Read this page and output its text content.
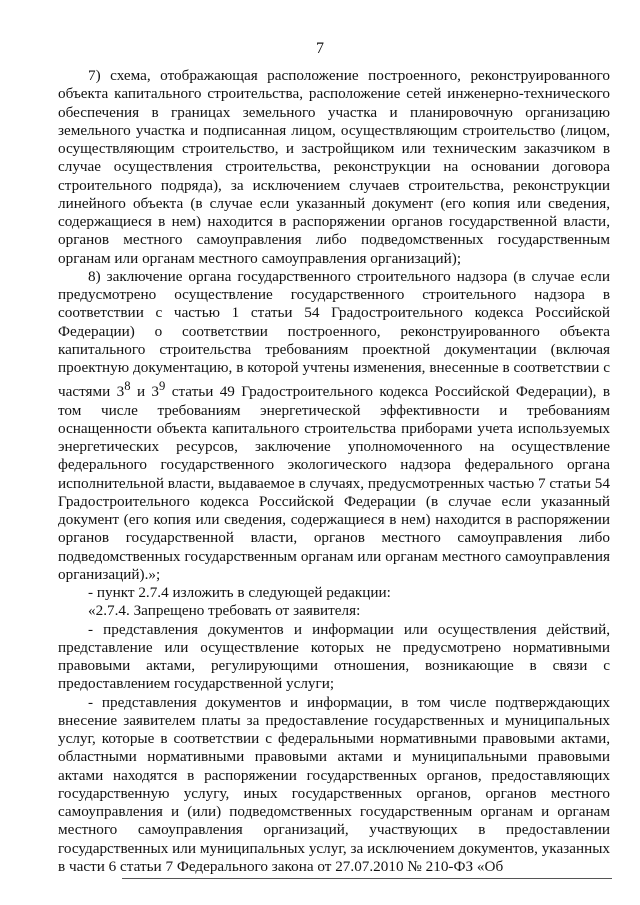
7

7) схема, отображающая расположение построенного, реконструированного объекта капитального строительства, расположение сетей инженерно-технического обеспечения в границах земельного участка и планировочную организацию земельного участка и подписанная лицом, осуществляющим строительство (лицом, осуществляющим строительство, и застройщиком или техническим заказчиком в случае осуществления строительства, реконструкции на основании договора строительного подряда), за исключением случаев строительства, реконструкции линейного объекта (в случае если указанный документ (его копия или сведения, содержащиеся в нем) находится в распоряжении органов государственной власти, органов местного самоуправления либо подведомственных государственным органам или органам местного самоуправления организаций);

8) заключение органа государственного строительного надзора (в случае если предусмотрено осуществление государственного строительного надзора в соответствии с частью 1 статьи 54 Градостроительного кодекса Российской Федерации) о соответствии построенного, реконструированного объекта капитального строительства требованиям проектной документации (включая проектную документацию, в которой учтены изменения, внесенные в соответствии с частями $3^8$ и $3^9$ статьи 49 Градостроительного кодекса Российской Федерации), в том числе требованиям энергетической эффективности и требованиям оснащенности объекта капитального строительства приборами учета используемых энергетических ресурсов, заключение уполномоченного на осуществление федерального государственного экологического надзора федерального органа исполнительной власти, выдаваемое в случаях, предусмотренных частью 7 статьи 54 Градостроительного кодекса Российской Федерации (в случае если указанный документ (его копия или сведения, содержащиеся в нем) находится в распоряжении органов государственной власти, органов местного самоуправления либо подведомственных государственным органам или органам местного самоуправления организаций).»;

- пункт 2.7.4 изложить в следующей редакции:

«2.7.4. Запрещено требовать от заявителя:

- представления документов и информации или осуществления действий, представление или осуществление которых не предусмотрено нормативными правовыми актами, регулирующими отношения, возникающие в связи с предоставлением государственной услуги;

- представления документов и информации, в том числе подтверждающих внесение заявителем платы за предоставление государственных и муниципальных услуг, которые в соответствии с федеральными нормативными правовыми актами, областными нормативными правовыми актами и муниципальными правовыми актами находятся в распоряжении государственных органов, предоставляющих государственную услугу, иных государственных органов, органов местного самоуправления и (или) подведомственных государственным органам и органам местного самоуправления организаций, участвующих в предоставлении государственных или муниципальных услуг, за исключением документов, указанных в части 6 статьи 7 Федерального закона от 27.07.2010 № 210-ФЗ «Об
